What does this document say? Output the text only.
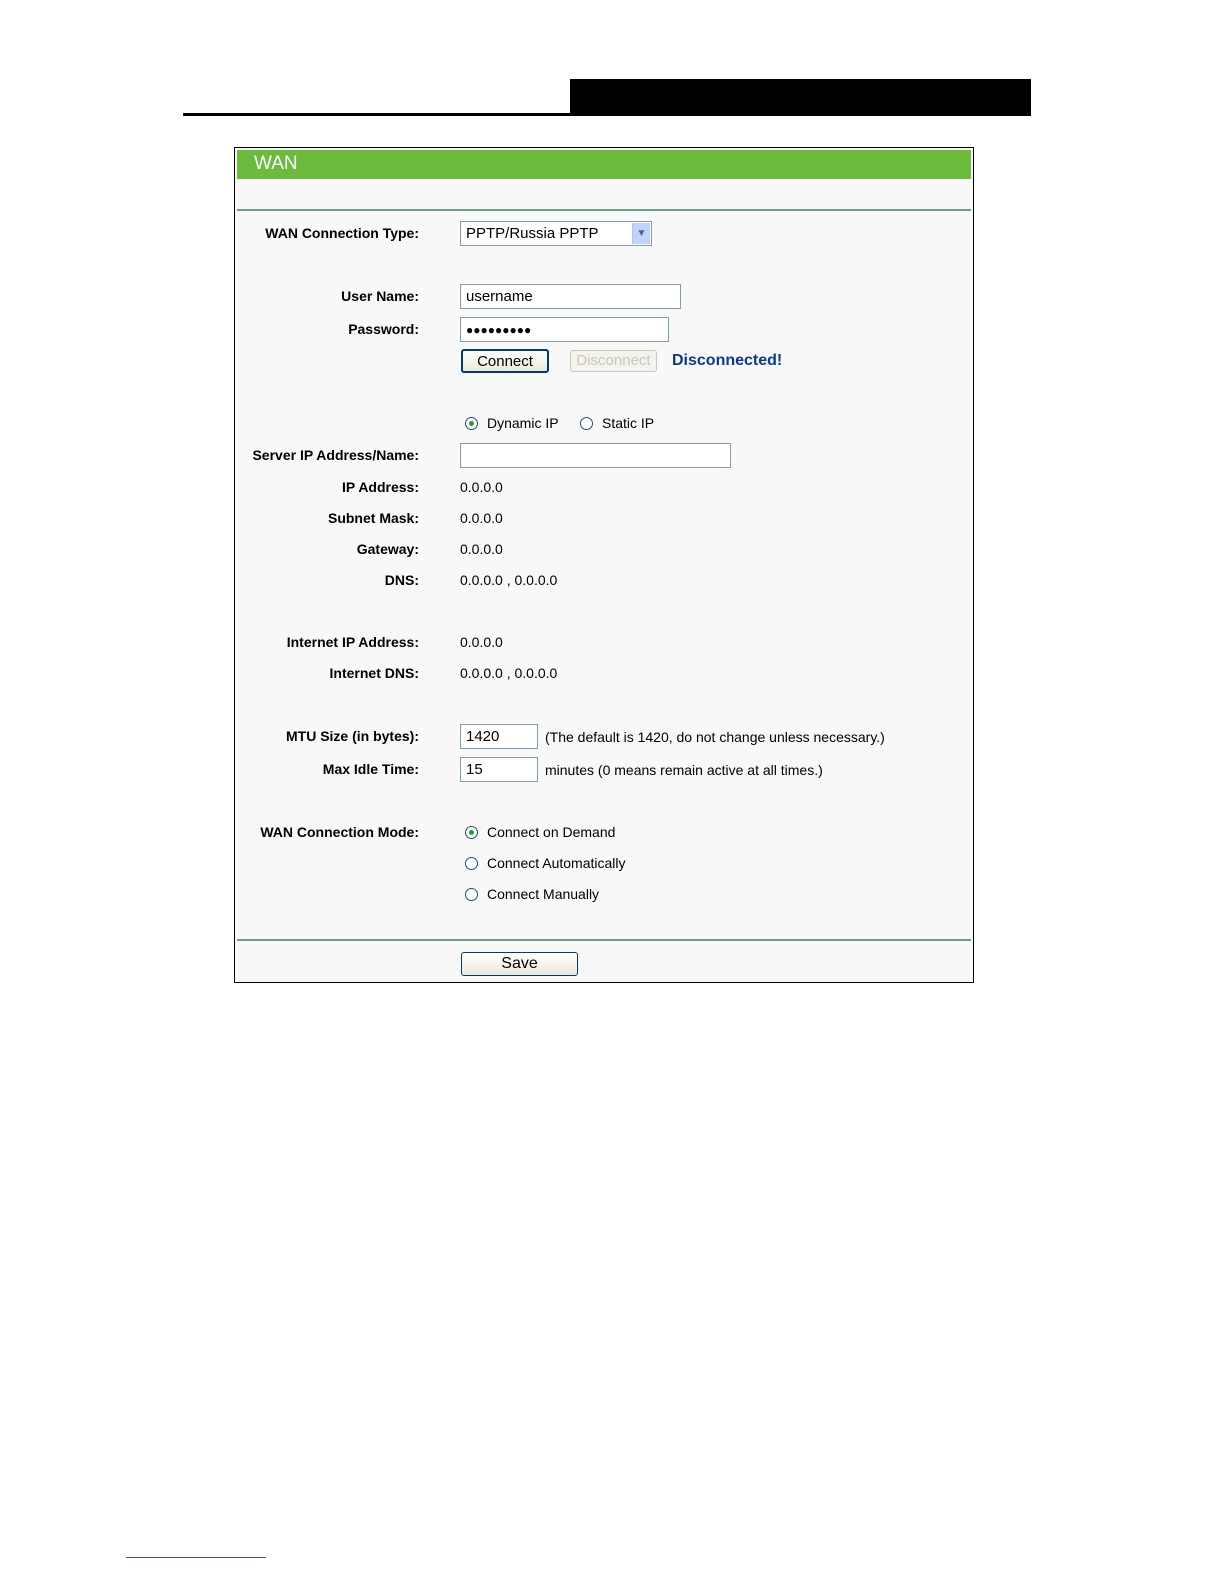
WAN
WAN Connection Type:	PPTP/Russia PPTP	▼
User Name:	username
Password:	●●●●●●●●●
Connect	Disconnect	Disconnected!
Dynamic IP	Static IP
Server IP Address/Name:
IP Address:	0.0.0.0
Subnet Mask:	0.0.0.0
Gateway:	0.0.0.0
DNS:	0.0.0.0 , 0.0.0.0
Internet IP Address:	0.0.0.0
Internet DNS:	0.0.0.0 , 0.0.0.0
MTU Size (in bytes):	1420	(The default is 1420, do not change unless necessary.)
Max Idle Time:	15	minutes (0 means remain active at all times.)
WAN Connection Mode:	Connect on Demand
Connect Automatically
Connect Manually
Save
